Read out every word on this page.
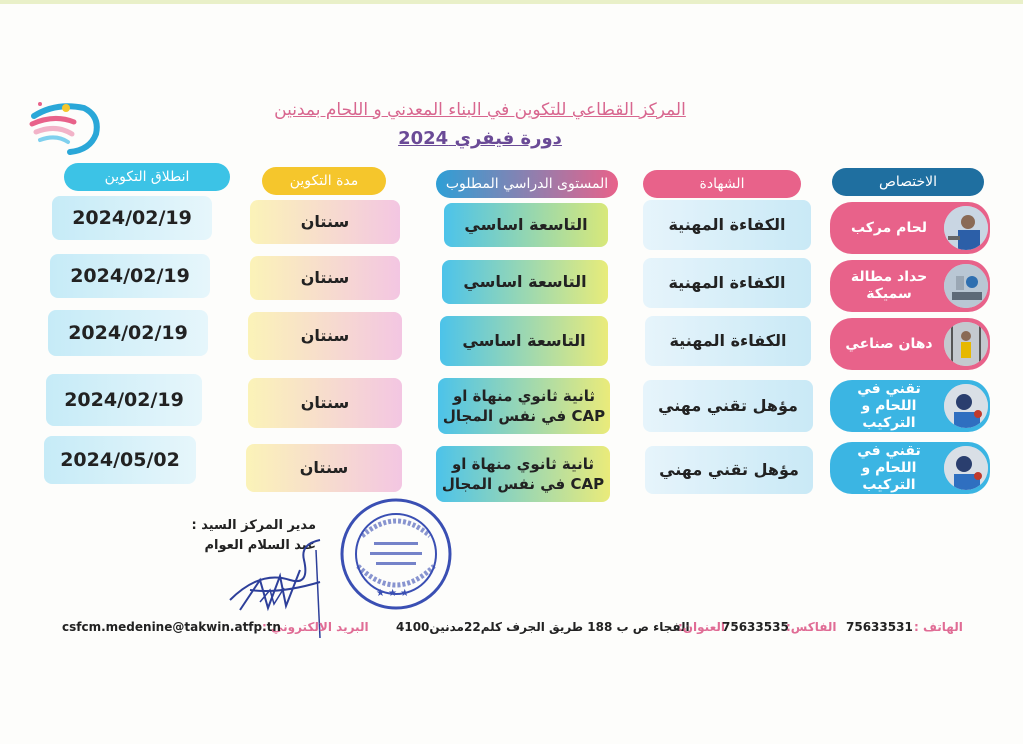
المركز القطاعي للتكوين في البناء المعدني و اللحام بمدنين
دورة فيفري 2024
الاختصاص
الشهادة
المستوى الدراسي المطلوب
مدة التكوين
انطلاق التكوين
لحام مركب
الكفاءة المهنية
التاسعة اساسي
سنتان
2024/02/19
حداد مطالة سميكة
الكفاءة المهنية
التاسعة اساسي
سنتان
2024/02/19
دهان صناعي
الكفاءة المهنية
التاسعة اساسي
سنتان
2024/02/19
تقني في اللحام و التركيب
مؤهل تقني مهني
ثانية ثانوي منهاة او CAP في نفس المجال
سنتان
2024/02/19
تقني في اللحام و التركيب
مؤهل تقني مهني
ثانية ثانوي منهاة او CAP في نفس المجال
سنتان
2024/05/02
مدير المركز السيد :
عبد السلام العوام
★ ★ ★
البريد الالكتروني :
csfcm.medenine@takwin.atfp.tn	الفجاء ص ب 188 طريق الجرف كلم22مدنين4100
العنوان:
75633535
الفاكس: 75633531 الهاتف :
